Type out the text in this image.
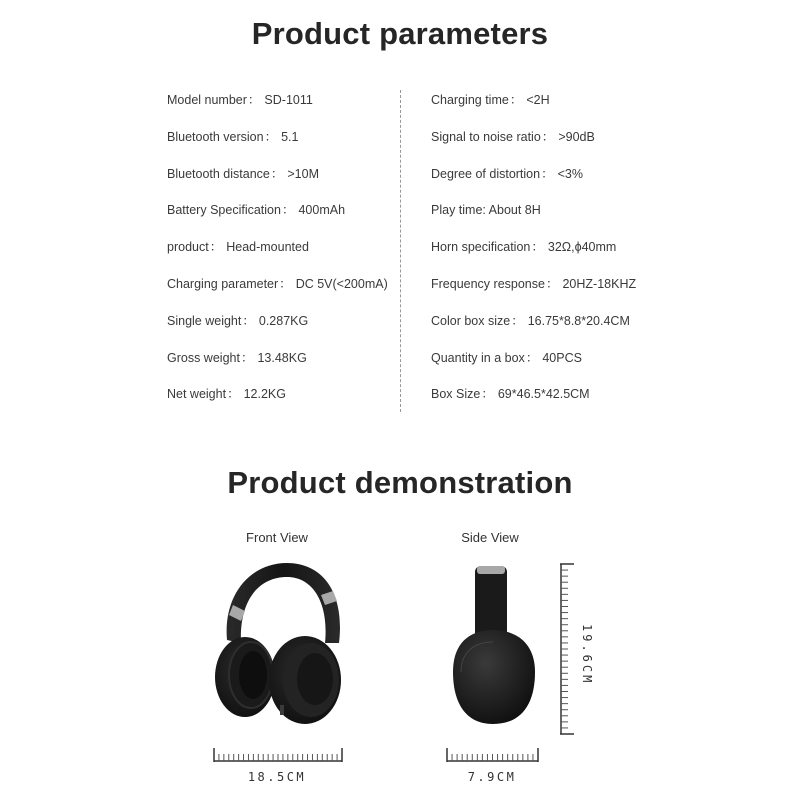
Product parameters
Model number： SD-1011
Bluetooth version： 5.1
Bluetooth distance： >10M
Battery Specification： 400mAh
product： Head-mounted
Charging parameter： DC 5V(<200mA)
Single weight： 0.287KG
Gross weight： 13.48KG
Net weight： 12.2KG
Charging time： <2H
Signal to noise ratio： >90dB
Degree of distortion： <3%
Play time: About 8H
Horn specification： 32Ω,ϕ40mm
Frequency response： 20HZ-18KHZ
Color box size： 16.75*8.8*20.4CM
Quantity in a box： 40PCS
Box Size： 69*46.5*42.5CM
Product demonstration
Front View	Side View
18.5CM	7.9CM
19.6CM
